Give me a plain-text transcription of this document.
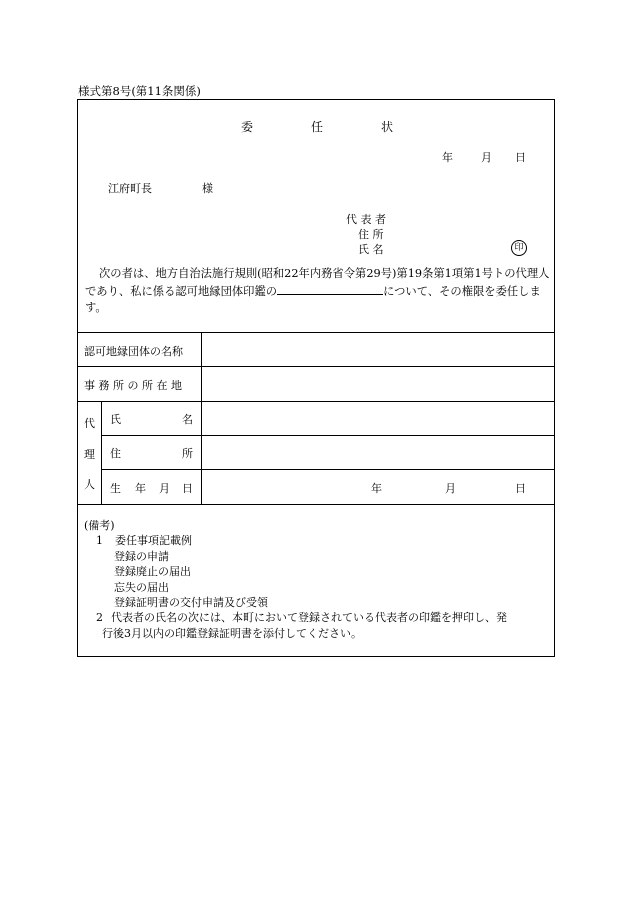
様式第8号(第11条関係)
委	任	状
年	月 日
江府町長	様
代 表 者
住 所
氏 名	印
次の者は、地方自治法施行規則(昭和22年内務省令第29号)第19条第1項第1号トの代理人であり、私に係る認可地縁団体印鑑の	について、その権限を委任します。
認可地縁団体の名称
事 務 所 の 所 在 地
代
理
人
氏	名
住	所
生 年 月 日	年	月	日
(備考)
1 委任事項記載例
登録の申請
登録廃止の届出
忘失の届出
登録証明書の交付申請及び受領
2 代表者の氏名の次には、本町において登録されている代表者の印鑑を押印し、発
行後3月以内の印鑑登録証明書を添付してください。
